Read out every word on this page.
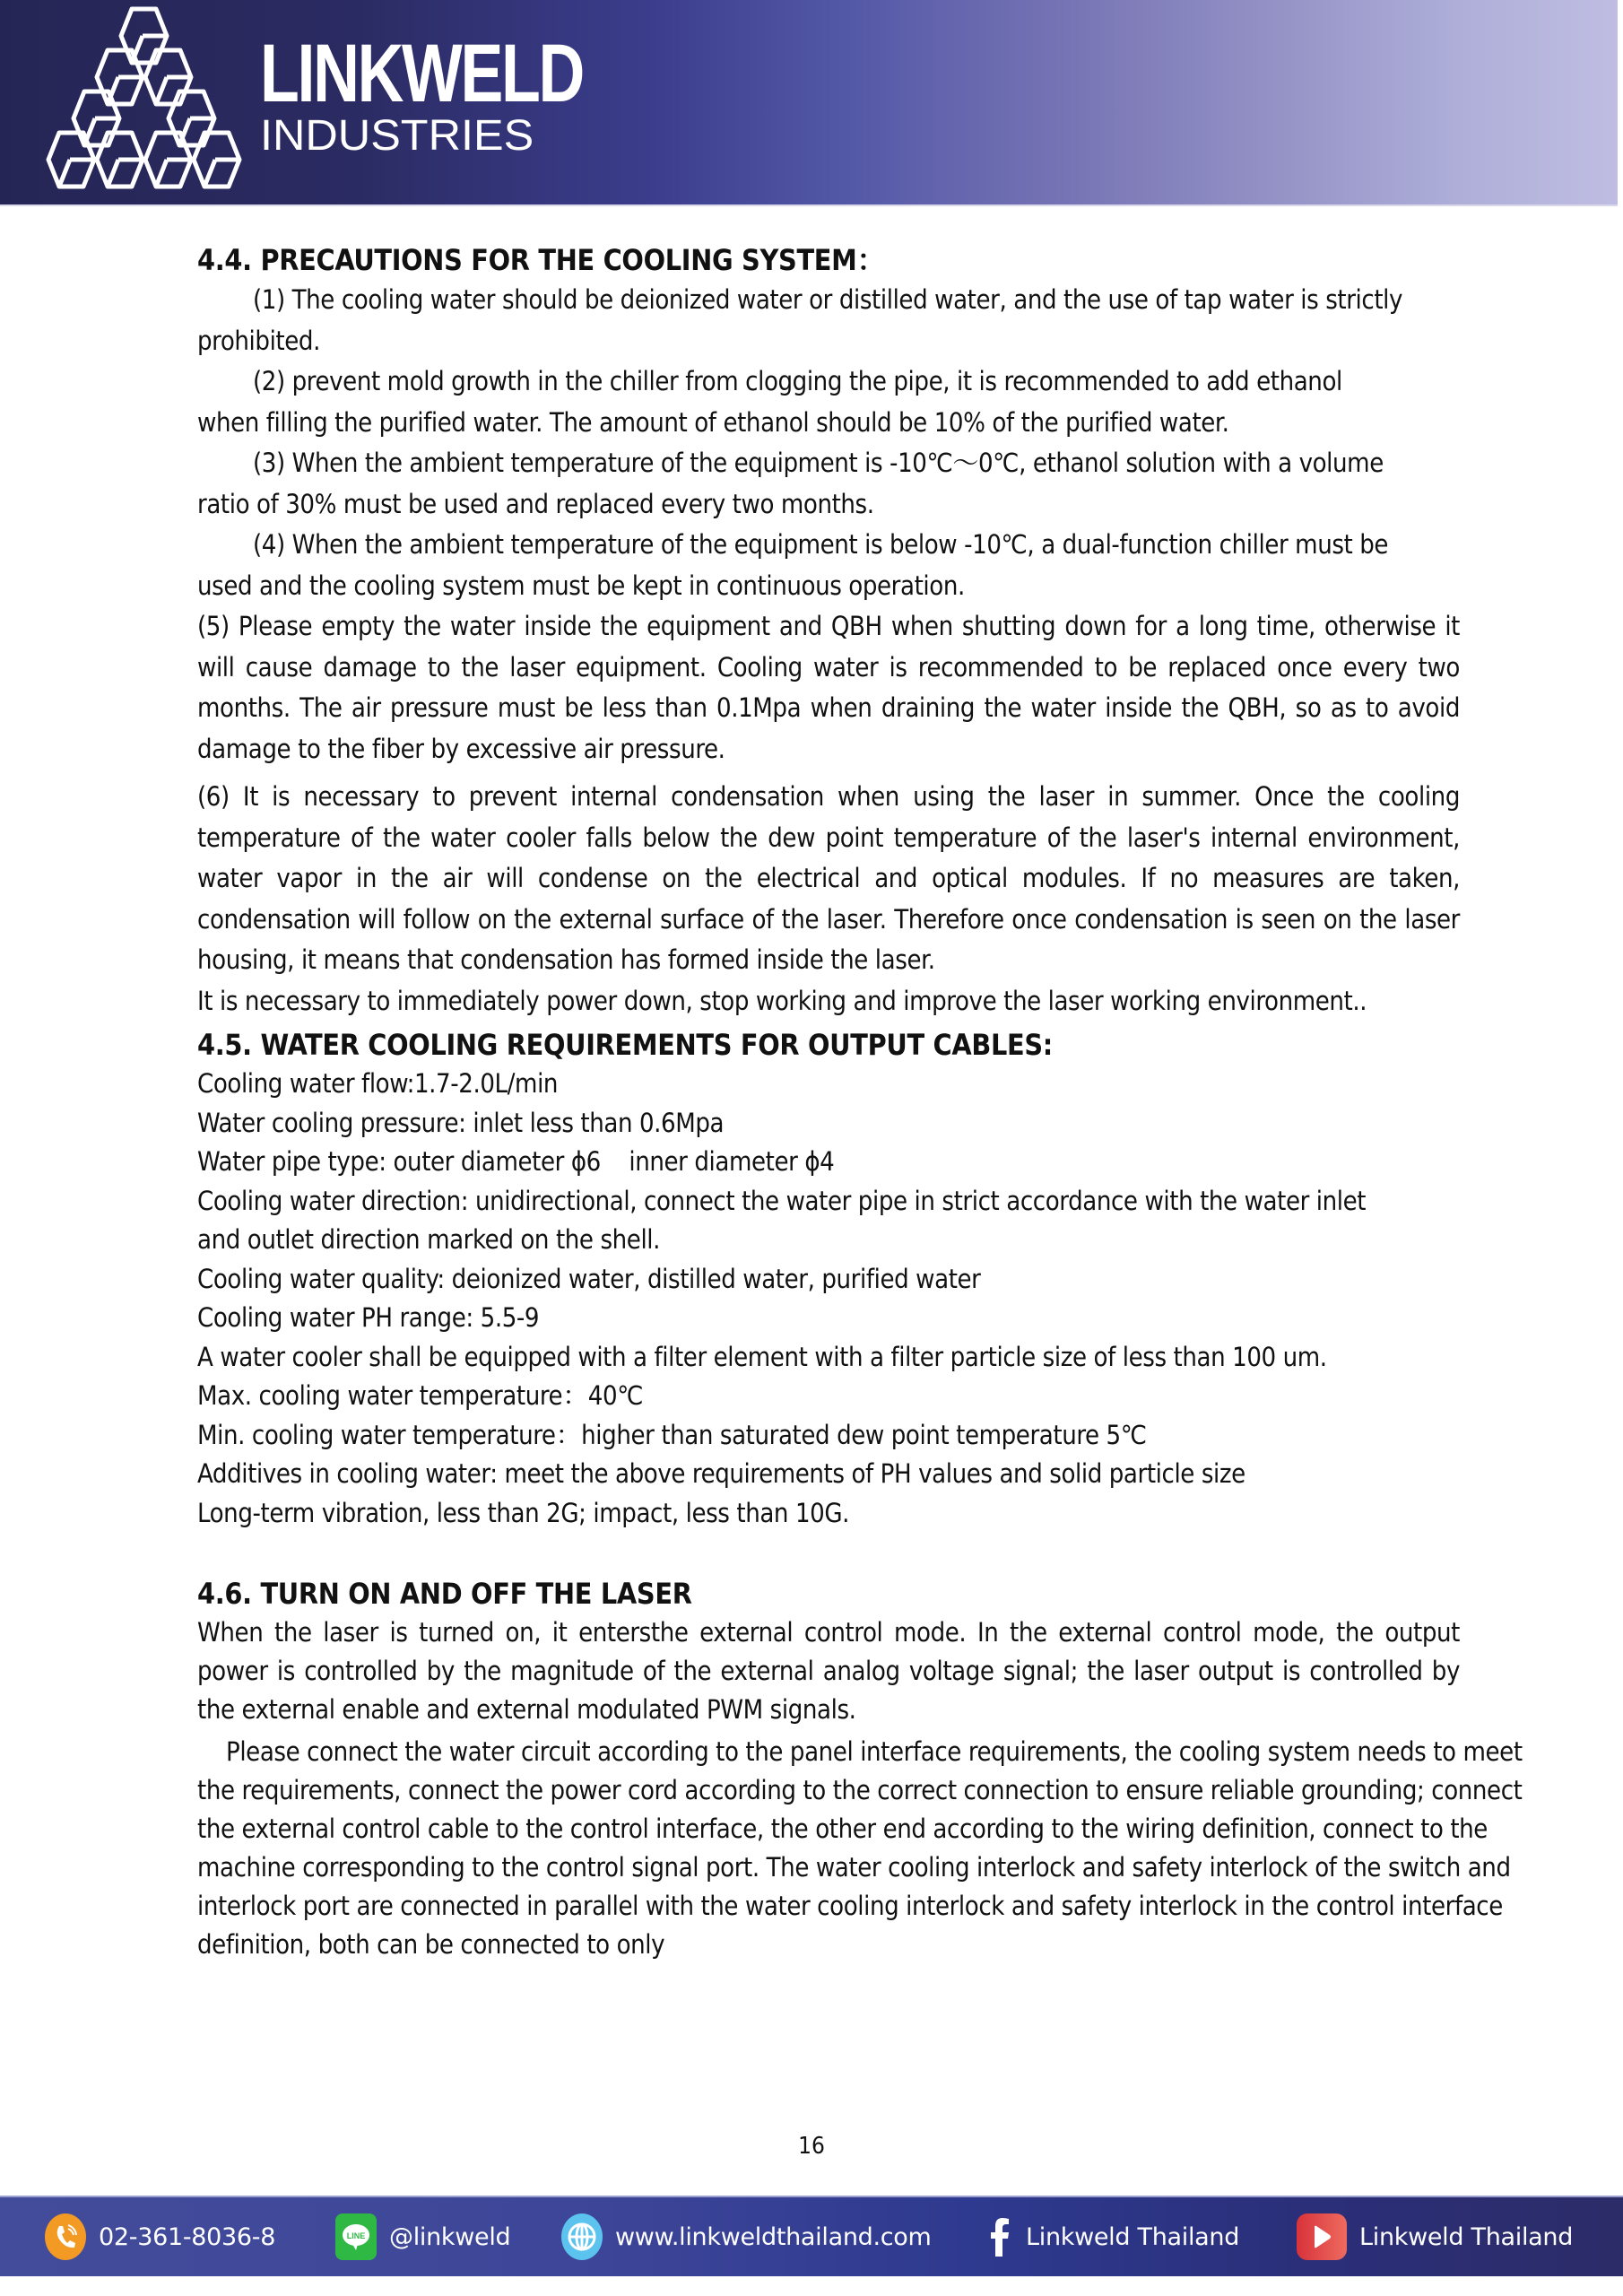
LINKWELD
INDUSTRIES
4.4. PRECAUTIONS FOR THE COOLING SYSTEM：

(1) The cooling water should be deionized water or distilled water, and the use of tap water is strictly

prohibited.

(2) prevent mold growth in the chiller from clogging the pipe, it is recommended to add ethanol

when filling the purified water. The amount of ethanol should be 10% of the purified water.

(3) When the ambient temperature of the equipment is -10℃～0℃, ethanol solution with a volume

ratio of 30% must be used and replaced every two months.

(4) When the ambient temperature of the equipment is below -10℃, a dual-function chiller must be

used and the cooling system must be kept in continuous operation.

(5) Please empty the water inside the equipment and QBH when shutting down for a long time, otherwise it will cause damage to the laser equipment. Cooling water is recommended to be replaced once every two months. The air pressure must be less than 0.1Mpa when draining the water inside the QBH, so as to avoid damage to the fiber by excessive air pressure.

(6) It is necessary to prevent internal condensation when using the laser in summer. Once the cooling temperature of the water cooler falls below the dew point temperature of the laser's internal environment, water vapor in the air will condense on the electrical and optical modules. If no measures are taken, condensation will follow on the external surface of the laser. Therefore once condensation is seen on the laser housing, it means that condensation has formed inside the laser.

It is necessary to immediately power down, stop working and improve the laser working environment..

4.5. WATER COOLING REQUIREMENTS FOR OUTPUT CABLES:

Cooling water flow:1.7-2.0L/min

Water cooling pressure: inlet less than 0.6Mpa

Water pipe type: outer diameter ϕ6    inner diameter ϕ4

Cooling water direction: unidirectional, connect the water pipe in strict accordance with the water inlet

and outlet direction marked on the shell.

Cooling water quality: deionized water, distilled water, purified water

Cooling water PH range: 5.5-9

A water cooler shall be equipped with a filter element with a filter particle size of less than 100 um.

Max. cooling water temperature：40℃

Min. cooling water temperature：higher than saturated dew point temperature 5℃

Additives in cooling water: meet the above requirements of PH values and solid particle size

Long-term vibration, less than 2G; impact, less than 10G.

4.6. TURN ON AND OFF THE LASER

When the laser is turned on, it entersthe external control mode. In the external control mode, the output power is controlled by the magnitude of the external analog voltage signal; the laser output is controlled by the external enable and external modulated PWM signals.

Please connect the water circuit according to the panel interface requirements, the cooling system needs to meet the requirements, connect the power cord according to the correct connection to ensure reliable grounding; connect the external control cable to the control interface, the other end according to the wiring definition, connect to the machine corresponding to the control signal port. The water cooling interlock and safety interlock of the switch and interlock port are connected in parallel with the water cooling interlock and safety interlock in the control interface definition, both can be connected to only

16
02-361-8036-8	LINE @linkweld	www.linkweldthailand.com	Linkweld Thailand	Linkweld Thailand
